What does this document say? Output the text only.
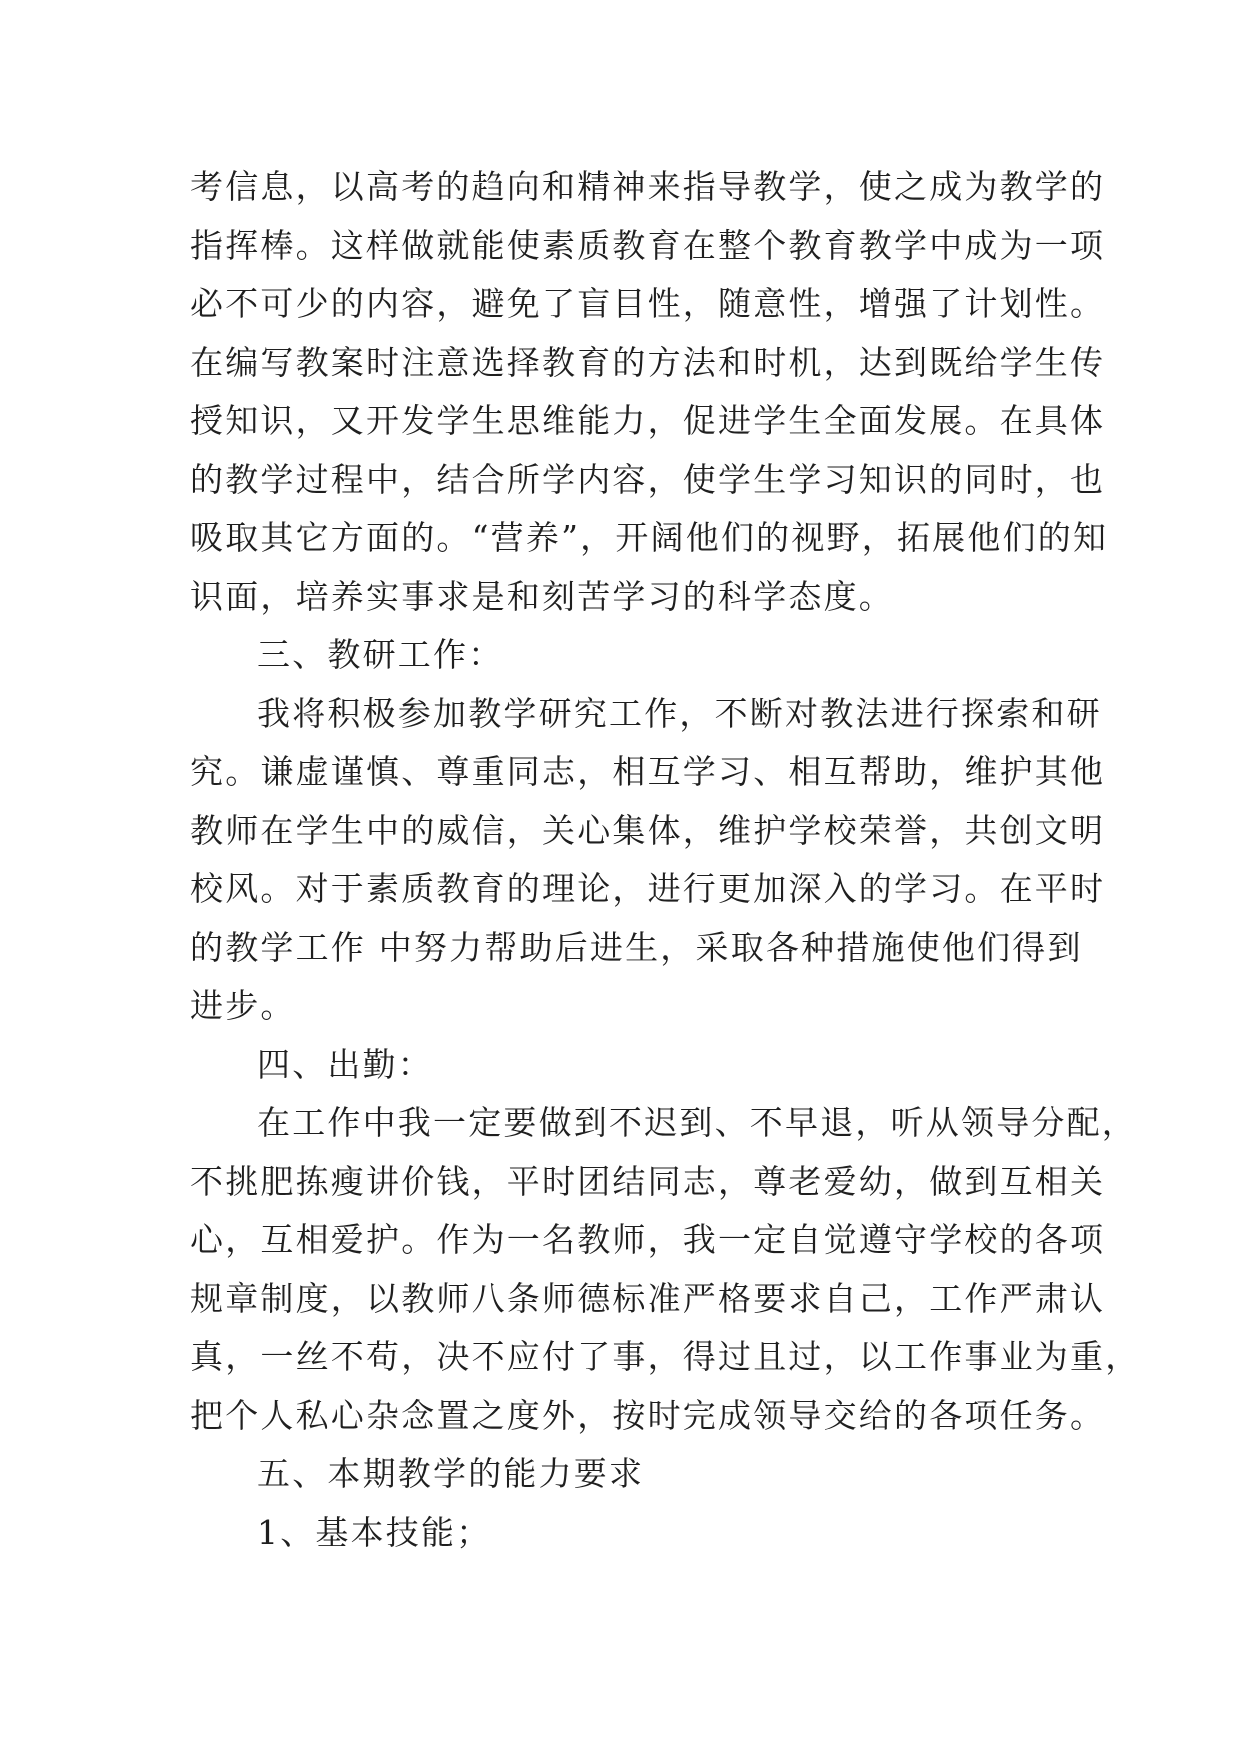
考信息，以高考的趋向和精神来指导教学，使之成为教学的
指挥棒。这样做就能使素质教育在整个教育教学中成为一项
必不可少的内容，避免了盲目性，随意性，增强了计划性。
在编写教案时注意选择教育的方法和时机，达到既给学生传
授知识，又开发学生思维能力，促进学生全面发展。在具体
的教学过程中，结合所学内容，使学生学习知识的同时，也
吸取其它方面的。“营养”，开阔他们的视野，拓展他们的知
识面，培养实事求是和刻苦学习的科学态度。
三、教研工作：
我将积极参加教学研究工作，不断对教法进行探索和研
究。谦虚谨慎、尊重同志，相互学习、相互帮助，维护其他
教师在学生中的威信，关心集体，维护学校荣誉，共创文明
校风。对于素质教育的理论，进行更加深入的学习。在平时
的教学工作 中努力帮助后进生，采取各种措施使他们得到
进步。
四、出勤：
在工作中我一定要做到不迟到、不早退，听从领导分配，
不挑肥拣瘦讲价钱，平时团结同志，尊老爱幼，做到互相关
心，互相爱护。作为一名教师，我一定自觉遵守学校的各项
规章制度，以教师八条师德标准严格要求自己，工作严肃认
真，一丝不苟，决不应付了事，得过且过，以工作事业为重，
把个人私心杂念置之度外，按时完成领导交给的各项任务。
五、本期教学的能力要求
1、基本技能；
